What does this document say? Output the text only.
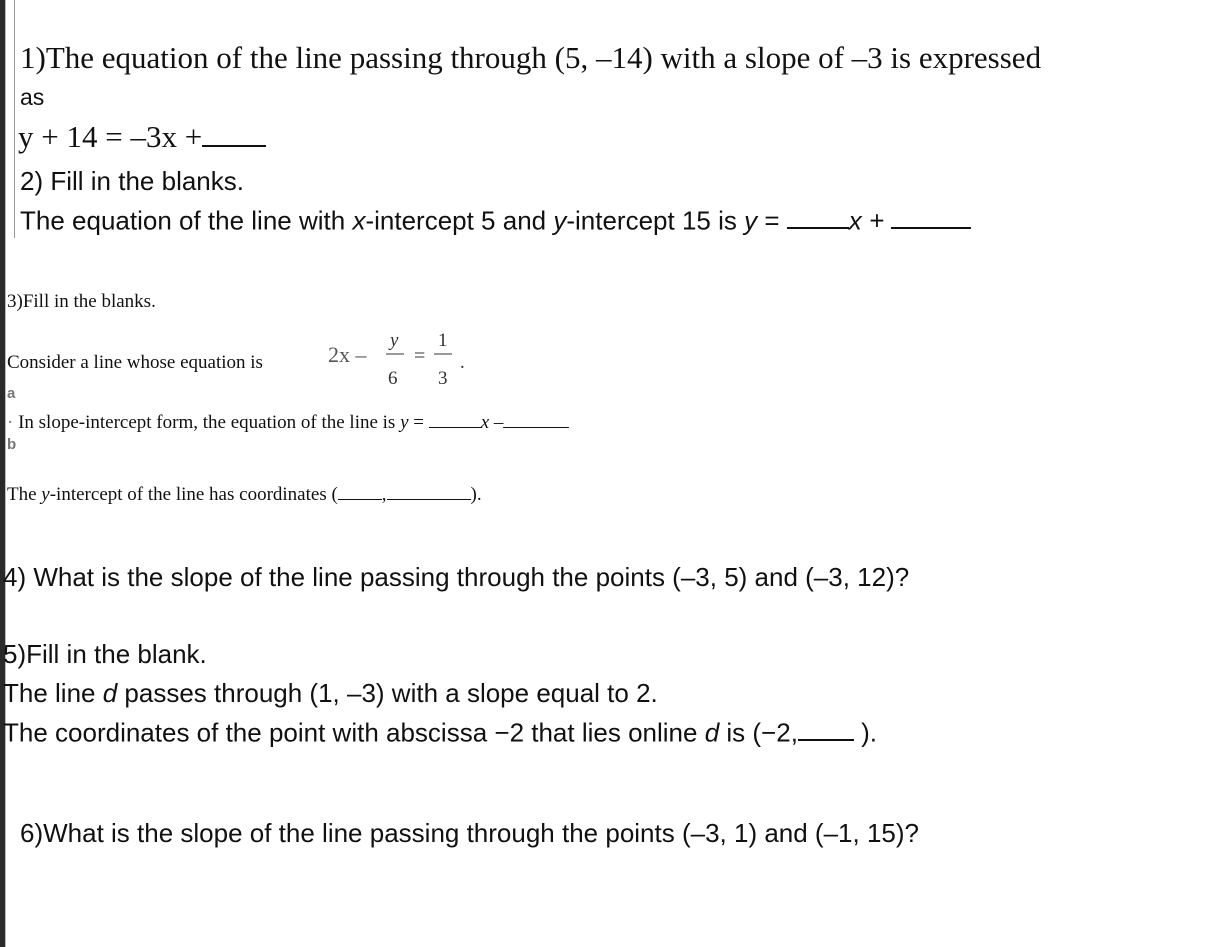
1)The equation of the line passing through (5, –14) with a slope of –3 is expressed
as
y + 14 = –3x +
2) Fill in the blanks.
The equation of the line with x-intercept 5 and y-intercept 15 is y = x +
3)Fill in the blanks.
Consider a line whose equation is	2x –
y
6
=
1
3
.
a
· In slope-intercept form, the equation of the line is y =	x –
b
The y-intercept of the line has coordinates ( ,	).
4) What is the slope of the line passing through the points (–3, 5) and (–3, 12)?
5)Fill in the blank.
The line d passes through (1, –3) with a slope equal to 2.
The coordinates of the point with abscissa −2 that lies online d is (−2, ).
6)What is the slope of the line passing through the points (–3, 1) and (–1, 15)?
